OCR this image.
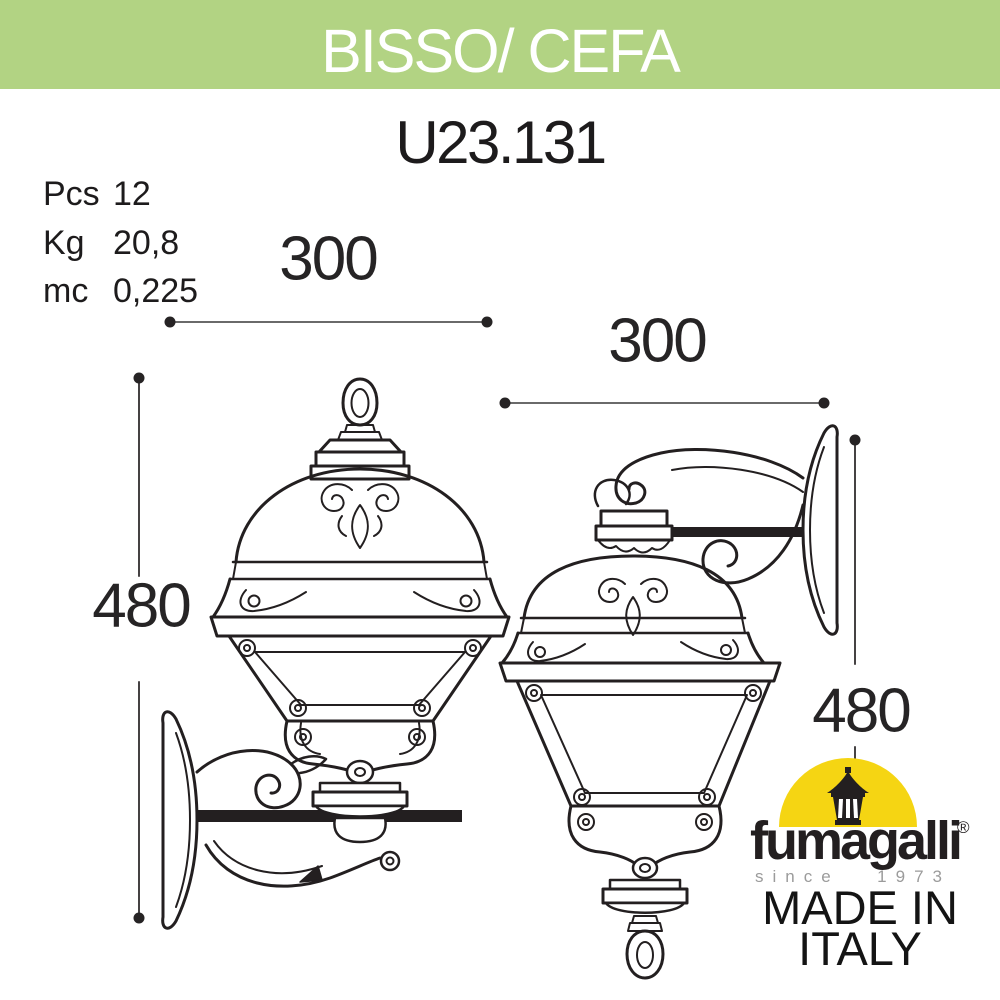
BISSO/ CEFA
U23.131
Pcs 12
Kg 20,8
mc 0,225 300
300
480
480
fumagalli
®
since 1973
MADE IN
ITALY
